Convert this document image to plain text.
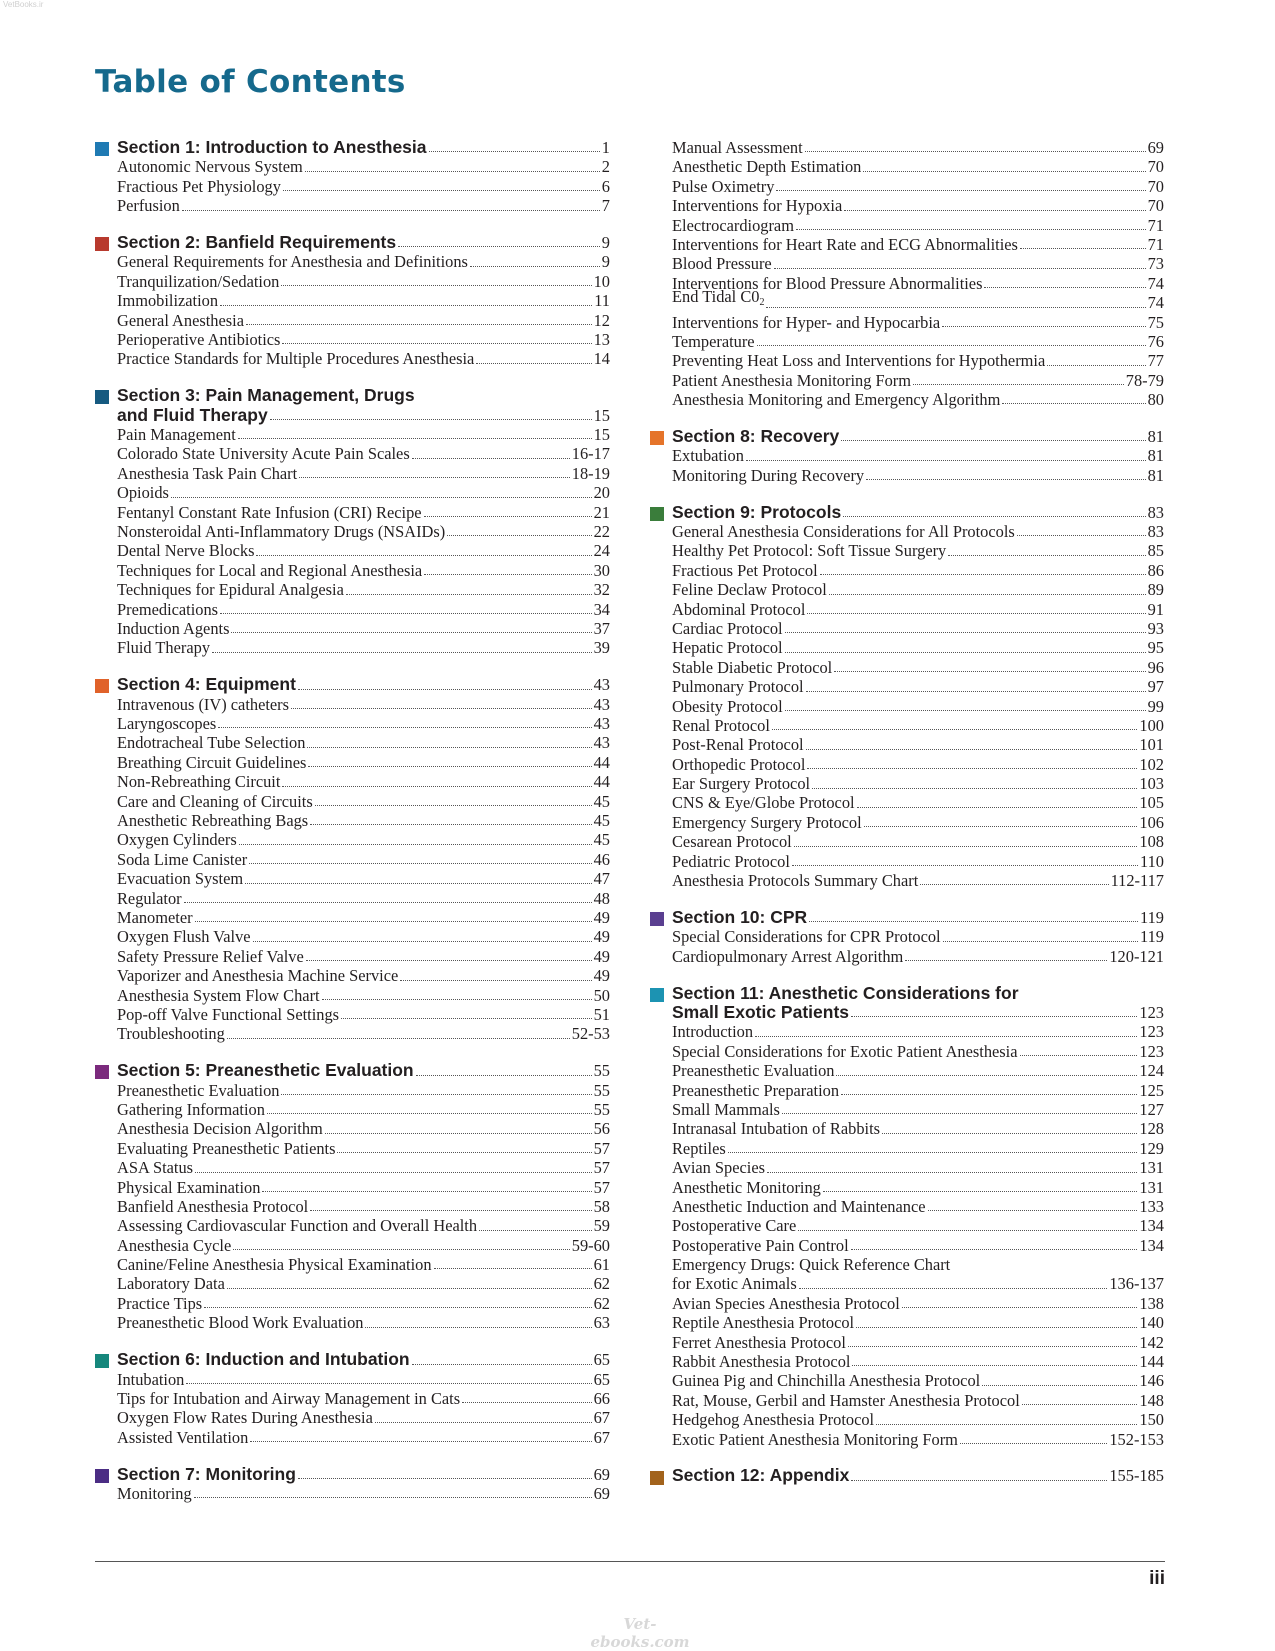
VetBooks.ir
Table of Contents
Section 1: Introduction to Anesthesia	1
Autonomic Nervous System	2
Fractious Pet Physiology	6
Perfusion	7
Section 2: Banfield Requirements	9
General Requirements for Anesthesia and Definitions	9
Tranquilization/Sedation	10
Immobilization	11
General Anesthesia	12
Perioperative Antibiotics	13
Practice Standards for Multiple Procedures Anesthesia	14
Section 3: Pain Management, Drugs
and Fluid Therapy	15
Pain Management	15
Colorado State University Acute Pain Scales	16-17
Anesthesia Task Pain Chart	18-19
Opioids	20
Fentanyl Constant Rate Infusion (CRI) Recipe	21
Nonsteroidal Anti-Inflammatory Drugs (NSAIDs)	22
Dental Nerve Blocks	24
Techniques for Local and Regional Anesthesia	30
Techniques for Epidural Analgesia	32
Premedications	34
Induction Agents	37
Fluid Therapy	39
Section 4: Equipment	43
Intravenous (IV) catheters	43
Laryngoscopes	43
Endotracheal Tube Selection	43
Breathing Circuit Guidelines	44
Non-Rebreathing Circuit	44
Care and Cleaning of Circuits	45
Anesthetic Rebreathing Bags	45
Oxygen Cylinders	45
Soda Lime Canister	46
Evacuation System	47
Regulator	48
Manometer	49
Oxygen Flush Valve	49
Safety Pressure Relief Valve	49
Vaporizer and Anesthesia Machine Service	49
Anesthesia System Flow Chart	50
Pop-off Valve Functional Settings	51
Troubleshooting	52-53
Section 5: Preanesthetic Evaluation	55
Preanesthetic Evaluation	55
Gathering Information	55
Anesthesia Decision Algorithm	56
Evaluating Preanesthetic Patients	57
ASA Status	57
Physical Examination	57
Banfield Anesthesia Protocol	58
Assessing Cardiovascular Function and Overall Health	59
Anesthesia Cycle	59-60
Canine/Feline Anesthesia Physical Examination	61
Laboratory Data	62
Practice Tips	62
Preanesthetic Blood Work Evaluation	63
Section 6: Induction and Intubation	65
Intubation	65
Tips for Intubation and Airway Management in Cats	66
Oxygen Flow Rates During Anesthesia	67
Assisted Ventilation	67
Section 7: Monitoring	69
Monitoring	69
Manual Assessment	69
Anesthetic Depth Estimation	70
Pulse Oximetry	70
Interventions for Hypoxia	70
Electrocardiogram	71
Interventions for Heart Rate and ECG Abnormalities	71
Blood Pressure	73
Interventions for Blood Pressure Abnormalities	74
End Tidal $C0_2$	74
Interventions for Hyper- and Hypocarbia	75
Temperature	76
Preventing Heat Loss and Interventions for Hypothermia	77
Patient Anesthesia Monitoring Form	78-79
Anesthesia Monitoring and Emergency Algorithm	80
Section 8: Recovery	81
Extubation	81
Monitoring During Recovery	81
Section 9: Protocols	83
General Anesthesia Considerations for All Protocols	83
Healthy Pet Protocol: Soft Tissue Surgery	85
Fractious Pet Protocol	86
Feline Declaw Protocol	89
Abdominal Protocol	91
Cardiac Protocol	93
Hepatic Protocol	95
Stable Diabetic Protocol	96
Pulmonary Protocol	97
Obesity Protocol	99
Renal Protocol	100
Post-Renal Protocol	101
Orthopedic Protocol	102
Ear Surgery Protocol	103
CNS & Eye/Globe Protocol	105
Emergency Surgery Protocol	106
Cesarean Protocol	108
Pediatric Protocol	110
Anesthesia Protocols Summary Chart	112-117
Section 10: CPR	119
Special Considerations for CPR Protocol	119
Cardiopulmonary Arrest Algorithm	120-121
Section 11: Anesthetic Considerations for
Small Exotic Patients	123
Introduction	123
Special Considerations for Exotic Patient Anesthesia	123
Preanesthetic Evaluation	124
Preanesthetic Preparation	125
Small Mammals	127
Intranasal Intubation of Rabbits	128
Reptiles	129
Avian Species	131
Anesthetic Monitoring	131
Anesthetic Induction and Maintenance	133
Postoperative Care	134
Postoperative Pain Control	134
Emergency Drugs: Quick Reference Chart
for Exotic Animals	136-137
Avian Species Anesthesia Protocol	138
Reptile Anesthesia Protocol	140
Ferret Anesthesia Protocol	142
Rabbit Anesthesia Protocol	144
Guinea Pig and Chinchilla Anesthesia Protocol	146
Rat, Mouse, Gerbil and Hamster Anesthesia Protocol	148
Hedgehog Anesthesia Protocol	150
Exotic Patient Anesthesia Monitoring Form	152-153
Section 12: Appendix	155-185
iii
Vet-ebooks.com
